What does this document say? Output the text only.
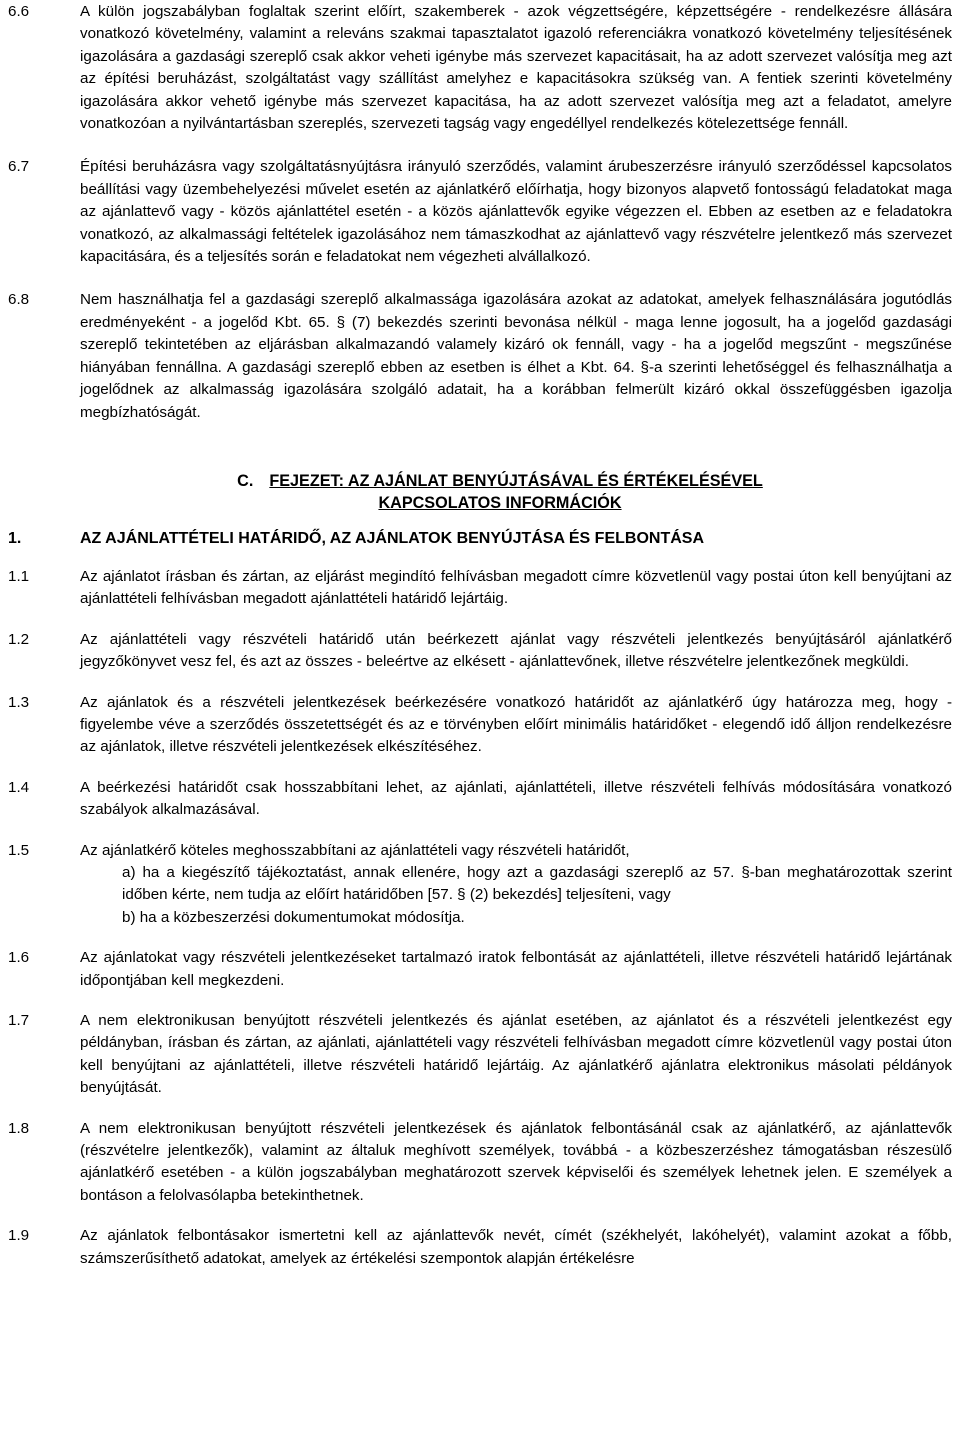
6.6	A külön jogszabályban foglaltak szerint előírt, szakemberek - azok végzettségére, képzettségére - rendelkezésre állására vonatkozó követelmény, valamint a releváns szakmai tapasztalatot igazoló referenciákra vonatkozó követelmény teljesítésének igazolására a gazdasági szereplő csak akkor veheti igénybe más szervezet kapacitásait, ha az adott szervezet valósítja meg azt az építési beruházást, szolgáltatást vagy szállítást amelyhez e kapacitásokra szükség van. A fentiek szerinti követelmény igazolására akkor vehető igénybe más szervezet kapacitása, ha az adott szervezet valósítja meg azt a feladatot, amelyre vonatkozóan a nyilvántartásban szereplés, szervezeti tagság vagy engedéllyel rendelkezés kötelezettsége fennáll.
6.7	Építési beruházásra vagy szolgáltatásnyújtásra irányuló szerződés, valamint árubeszerzésre irányuló szerződéssel kapcsolatos beállítási vagy üzembehelyezési művelet esetén az ajánlatkérő előírhatja, hogy bizonyos alapvető fontosságú feladatokat maga az ajánlattevő vagy - közös ajánlattétel esetén - a közös ajánlattevők egyike végezzen el. Ebben az esetben az e feladatokra vonatkozó, az alkalmassági feltételek igazolásához nem támaszkodhat az ajánlattevő vagy részvételre jelentkező más szervezet kapacitására, és a teljesítés során e feladatokat nem végezheti alvállalkozó.
6.8	Nem használhatja fel a gazdasági szereplő alkalmassága igazolására azokat az adatokat, amelyek felhasználására jogutódlás eredményeként - a jogelőd Kbt. 65. § (7) bekezdés szerinti bevonása nélkül - maga lenne jogosult, ha a jogelőd gazdasági szereplő tekintetében az eljárásban alkalmazandó valamely kizáró ok fennáll, vagy - ha a jogelőd megszűnt - megszűnése hiányában fennállna. A gazdasági szereplő ebben az esetben is élhet a Kbt. 64. §-a szerinti lehetőséggel és felhasználhatja a jogelődnek az alkalmasság igazolására szolgáló adatait, ha a korábban felmerült kizáró okkal összefüggésben igazolja megbízhatóságát.
C. FEJEZET: AZ AJÁNLAT BENYÚJTÁSÁVAL ÉS ÉRTÉKELÉSÉVEL KAPCSOLATOS INFORMÁCIÓK
1.	AZ AJÁNLATTÉTELI HATÁRIDŐ, AZ AJÁNLATOK BENYÚJTÁSA ÉS FELBONTÁSA
1.1	Az ajánlatot írásban és zártan, az eljárást megindító felhívásban megadott címre közvetlenül vagy postai úton kell benyújtani az ajánlattételi felhívásban megadott ajánlattételi határidő lejártáig.
1.2	Az ajánlattételi vagy részvételi határidő után beérkezett ajánlat vagy részvételi jelentkezés benyújtásáról ajánlatkérő jegyzőkönyvet vesz fel, és azt az összes - beleértve az elkésett - ajánlattevőnek, illetve részvételre jelentkezőnek megküldi.
1.3	Az ajánlatok és a részvételi jelentkezések beérkezésére vonatkozó határidőt az ajánlatkérő úgy határozza meg, hogy - figyelembe véve a szerződés összetettségét és az e törvényben előírt minimális határidőket - elegendő idő álljon rendelkezésre az ajánlatok, illetve részvételi jelentkezések elkészítéséhez.
1.4	A beérkezési határidőt csak hosszabbítani lehet, az ajánlati, ajánlattételi, illetve részvételi felhívás módosítására vonatkozó szabályok alkalmazásával.
1.5	Az ajánlatkérő köteles meghosszabbítani az ajánlattételi vagy részvételi határidőt,
a) ha a kiegészítő tájékoztatást, annak ellenére, hogy azt a gazdasági szereplő az 57. §-ban meghatározottak szerint időben kérte, nem tudja az előírt határidőben [57. § (2) bekezdés] teljesíteni, vagy
b) ha a közbeszerzési dokumentumokat módosítja.
1.6	Az ajánlatokat vagy részvételi jelentkezéseket tartalmazó iratok felbontását az ajánlattételi, illetve részvételi határidő lejártának időpontjában kell megkezdeni.
1.7	A nem elektronikusan benyújtott részvételi jelentkezés és ajánlat esetében, az ajánlatot és a részvételi jelentkezést egy példányban, írásban és zártan, az ajánlati, ajánlattételi vagy részvételi felhívásban megadott címre közvetlenül vagy postai úton kell benyújtani az ajánlattételi, illetve részvételi határidő lejártáig. Az ajánlatkérő ajánlatra elektronikus másolati példányok benyújtását.
1.8	A nem elektronikusan benyújtott részvételi jelentkezések és ajánlatok felbontásánál csak az ajánlatkérő, az ajánlattevők (részvételre jelentkezők), valamint az általuk meghívott személyek, továbbá - a közbeszerzéshez támogatásban részesülő ajánlatkérő esetében - a külön jogszabályban meghatározott szervek képviselői és személyek lehetnek jelen. E személyek a bontáson a felolvasólapba betekinthetnek.
1.9	Az ajánlatok felbontásakor ismertetni kell az ajánlattevők nevét, címét (székhelyét, lakóhelyét), valamint azokat a főbb, számszerűsíthető adatokat, amelyek az értékelési szempontok alapján értékelésre
